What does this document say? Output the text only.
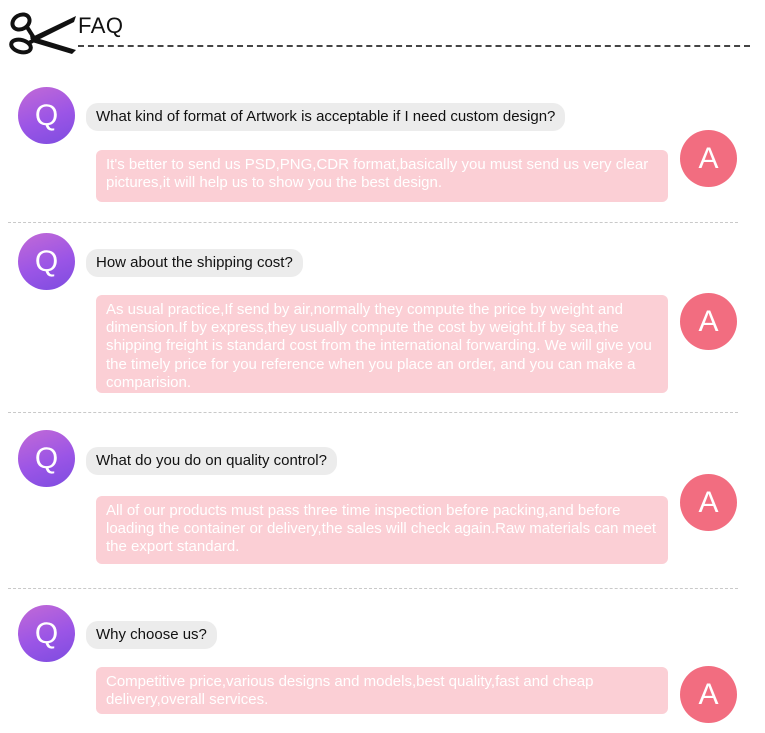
FAQ
Q	What kind of format of Artwork is acceptable if I need custom design?
A
It's better to send us PSD,PNG,CDR format,basically you must send us very clear pictures,it will help us to show you the best design.
Q	How about the shipping cost?
A
As usual practice,If send by air,normally they compute the price by weight and dimension.If by express,they usually compute the cost by weight.If by sea,the shipping freight is standard cost from the international forwarding. We will give you the timely price for you reference when you place an order, and you can make a comparision.
Q	What do you do on quality control?
A
All of our products must pass three time inspection before packing,and before loading the container or delivery,the sales will check again.Raw materials can meet the export standard.
Q	Why choose us?
A
Competitive price,various designs and models,best quality,fast and cheap delivery,overall services.
